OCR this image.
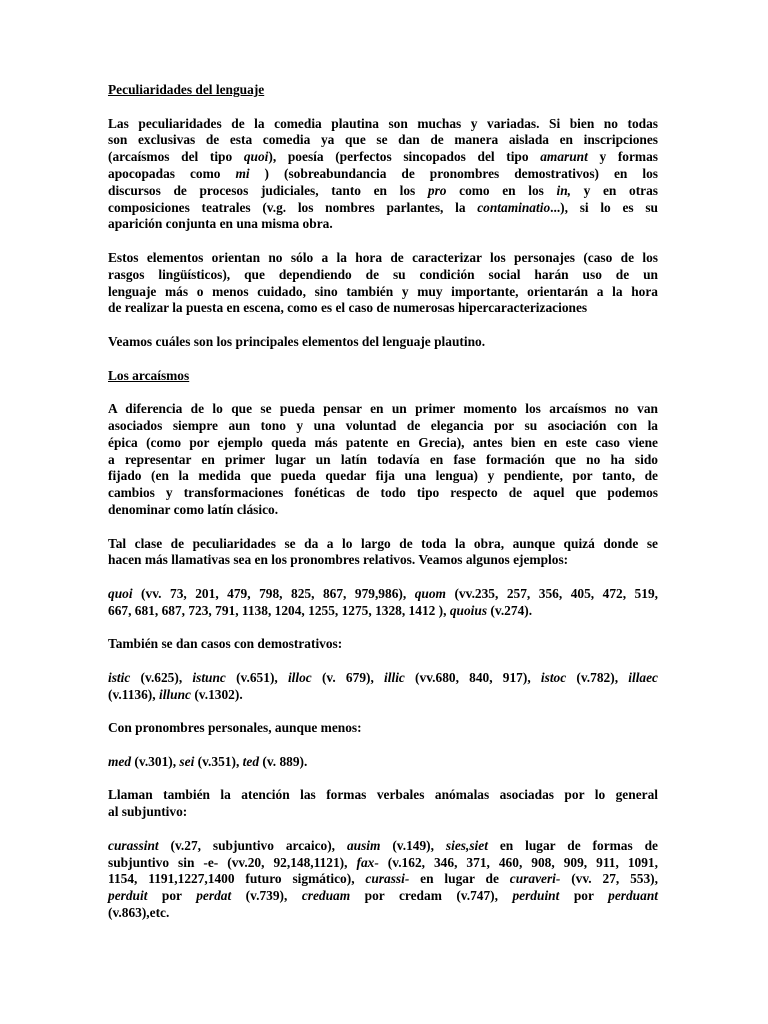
Peculiaridades del lenguaje

Las peculiaridades de la comedia plautina son muchas y variadas. Si bien no todas
son exclusivas de esta comedia ya que se dan de manera aislada en inscripciones
(arcaísmos del tipo quoi), poesía (perfectos sincopados del tipo amarunt y formas
apocopadas como mi ) (sobreabundancia de pronombres demostrativos) en los
discursos de procesos judiciales, tanto en los pro como en los in, y en otras
composiciones teatrales (v.g. los nombres parlantes, la contaminatio...), si lo es su
aparición conjunta en una misma obra.

Estos elementos orientan no sólo a la hora de caracterizar los personajes (caso de los
rasgos lingüísticos), que dependiendo de su condición social harán uso de un
lenguaje más o menos cuidado, sino también y muy importante, orientarán a la hora
de realizar la puesta en escena, como es el caso de numerosas hipercaracterizaciones

Veamos cuáles son los principales elementos del lenguaje plautino.

Los arcaísmos

A diferencia de lo que se pueda pensar en un primer momento los arcaísmos no van
asociados siempre aun tono y una voluntad de elegancia por su asociación con la
épica (como por ejemplo queda más patente en Grecia), antes bien en este caso viene
a representar en primer lugar un latín todavía en fase formación que no ha sido
fijado (en la medida que pueda quedar fija una lengua) y pendiente, por tanto, de
cambios y transformaciones fonéticas de todo tipo respecto de aquel que podemos
denominar como latín clásico.

Tal clase de peculiaridades se da a lo largo de toda la obra, aunque quizá donde se
hacen más llamativas sea en los pronombres relativos. Veamos algunos ejemplos:

quoi (vv. 73, 201, 479, 798, 825, 867, 979,986), quom (vv.235, 257, 356, 405, 472, 519,
667, 681, 687, 723, 791, 1138, 1204, 1255, 1275, 1328, 1412 ), quoius (v.274).

También se dan casos con demostrativos:

istic (v.625), istunc (v.651), illoc (v. 679), illic (vv.680, 840, 917), istoc (v.782), illaec
(v.1136), illunc (v.1302).

Con pronombres personales, aunque menos:

med (v.301), sei (v.351), ted (v. 889).

Llaman también la atención las formas verbales anómalas asociadas por lo general
al subjuntivo:

curassint (v.27, subjuntivo arcaico), ausim (v.149), sies,siet en lugar de formas de
subjuntivo sin -e- (vv.20, 92,148,1121), fax- (v.162, 346, 371, 460, 908, 909, 911, 1091,
1154, 1191,1227,1400 futuro sigmático), curassi- en lugar de curaveri- (vv. 27, 553),
perduit por perdat (v.739), creduam por credam (v.747), perduint por perduant
(v.863),etc.
